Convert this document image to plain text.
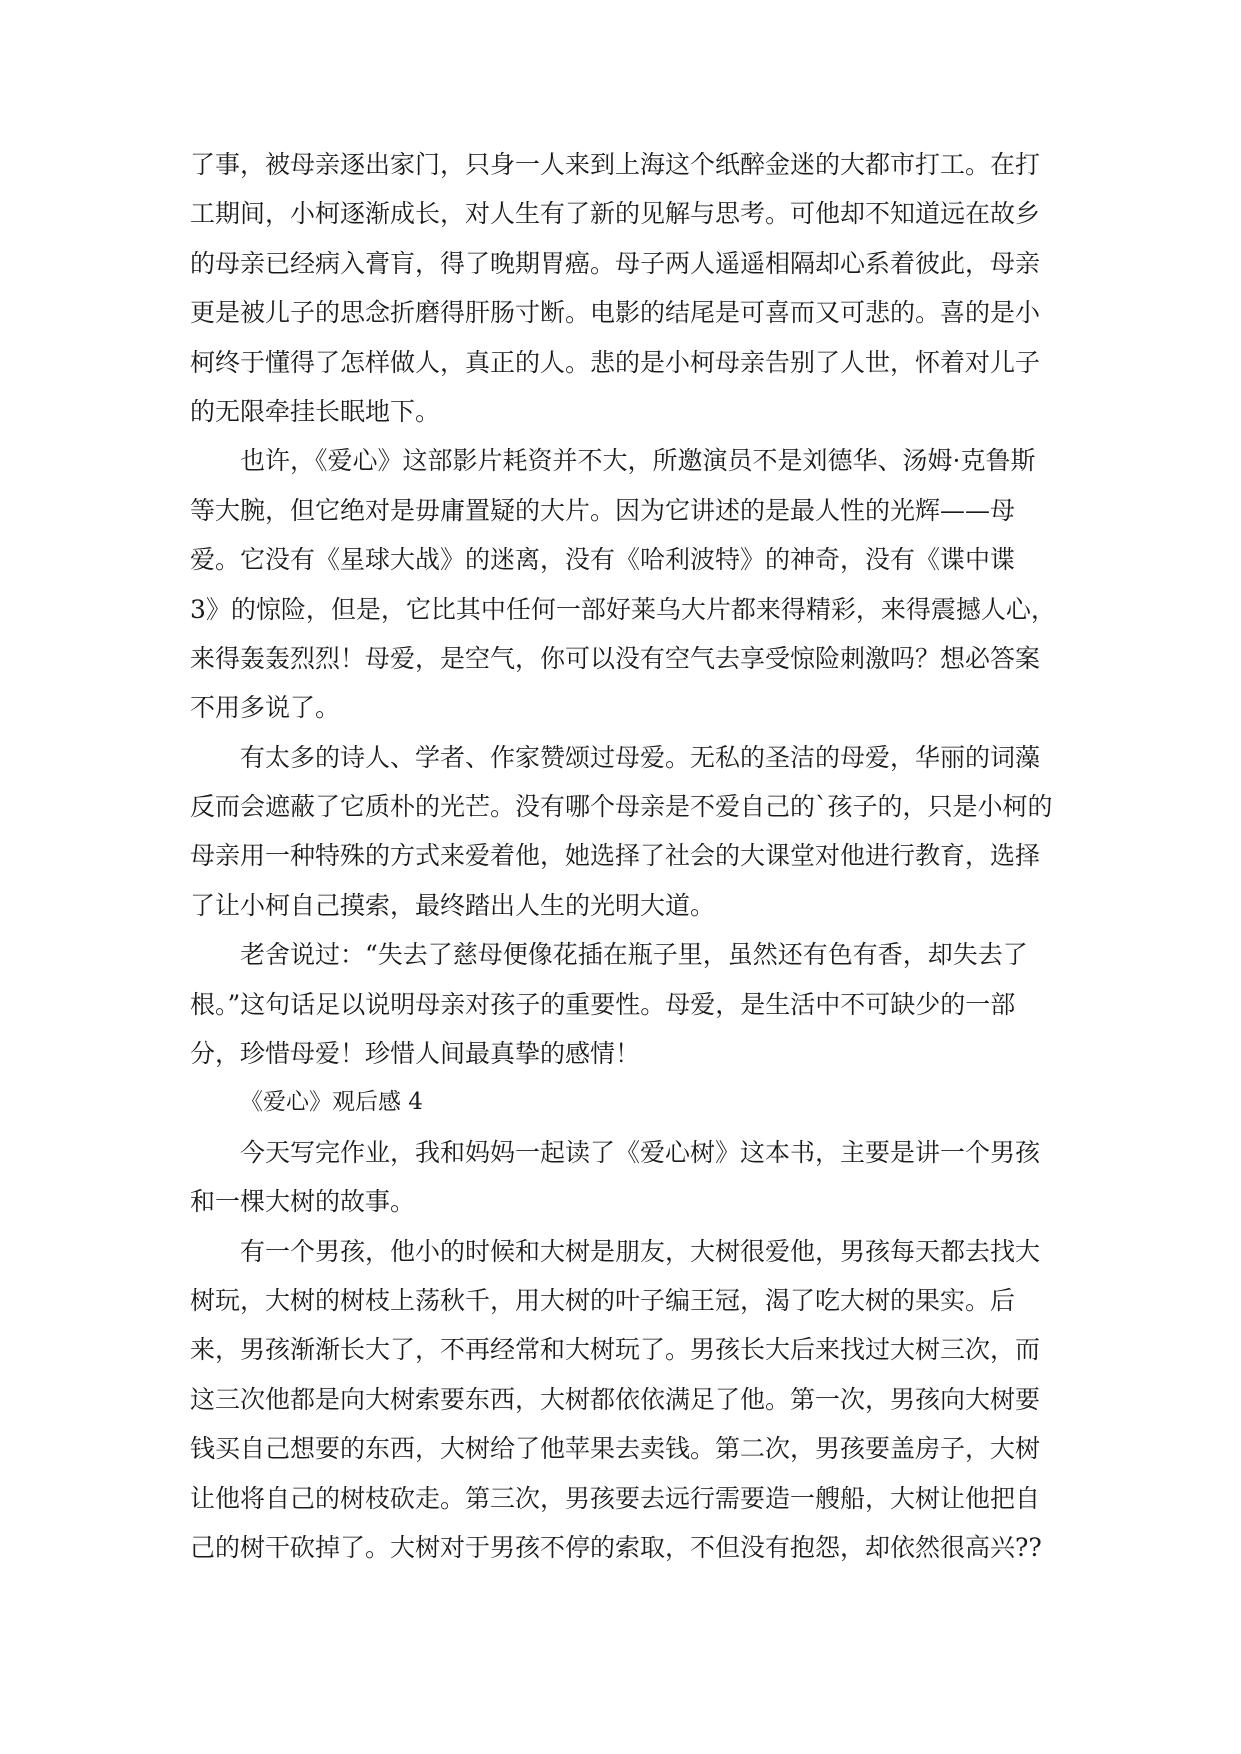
了事，被母亲逐出家门，只身一人来到上海这个纸醉金迷的大都市打工。在打
工期间，小柯逐渐成长，对人生有了新的见解与思考。可他却不知道远在故乡
的母亲已经病入膏肓，得了晚期胃癌。母子两人遥遥相隔却心系着彼此，母亲
更是被儿子的思念折磨得肝肠寸断。电影的结尾是可喜而又可悲的。喜的是小
柯终于懂得了怎样做人，真正的人。悲的是小柯母亲告别了人世，怀着对儿子
的无限牵挂长眠地下。
也许，《爱心》这部影片耗资并不大，所邀演员不是刘德华、汤姆·克鲁斯
等大腕，但它绝对是毋庸置疑的大片。因为它讲述的是最人性的光辉——母
爱。它没有《星球大战》的迷离，没有《哈利波特》的神奇，没有《谍中谍
3》的惊险，但是，它比其中任何一部好莱乌大片都来得精彩，来得震撼人心，
来得轰轰烈烈！母爱，是空气，你可以没有空气去享受惊险刺激吗？想必答案
不用多说了。
有太多的诗人、学者、作家赞颂过母爱。无私的圣洁的母爱，华丽的词藻
反而会遮蔽了它质朴的光芒。没有哪个母亲是不爱自己的`孩子的，只是小柯的
母亲用一种特殊的方式来爱着他，她选择了社会的大课堂对他进行教育，选择
了让小柯自己摸索，最终踏出人生的光明大道。
老舍说过：“失去了慈母便像花插在瓶子里，虽然还有色有香，却失去了
根。”这句话足以说明母亲对孩子的重要性。母爱，是生活中不可缺少的一部
分，珍惜母爱！珍惜人间最真挚的感情！
《爱心》观后感 4
今天写完作业，我和妈妈一起读了《爱心树》这本书，主要是讲一个男孩
和一棵大树的故事。
有一个男孩，他小的时候和大树是朋友，大树很爱他，男孩每天都去找大
树玩，大树的树枝上荡秋千，用大树的叶子编王冠，渴了吃大树的果实。后
来，男孩渐渐长大了，不再经常和大树玩了。男孩长大后来找过大树三次，而
这三次他都是向大树索要东西，大树都依依满足了他。第一次，男孩向大树要
钱买自己想要的东西，大树给了他苹果去卖钱。第二次，男孩要盖房子，大树
让他将自己的树枝砍走。第三次，男孩要去远行需要造一艘船，大树让他把自
己的树干砍掉了。大树对于男孩不停的索取，不但没有抱怨，却依然很高兴??
